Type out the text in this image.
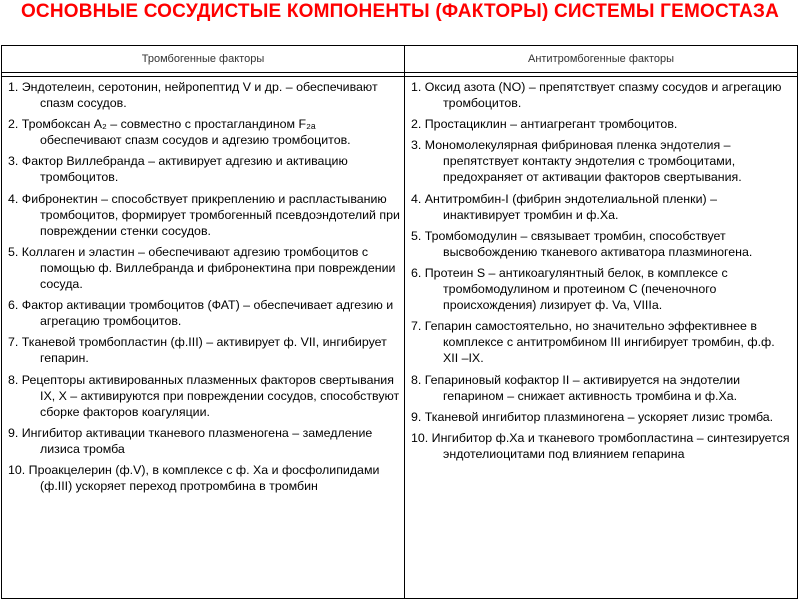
ОСНОВНЫЕ СОСУДИСТЫЕ КОМПОНЕНТЫ (ФАКТОРЫ) СИСТЕМЫ ГЕМОСТАЗА
Тромбогенные факторы	Антитромбогенные факторы
1. Эндотелеин, серотонин, нейропептид V и др. – обеспечивают спазм сосудов.
2. Тромбоксан A₂ – совместно с простагландином F₂ₐ обеспечивают спазм сосудов и адгезию тромбоцитов.
3. Фактор Виллебранда – активирует адгезию и активацию тромбоцитов.
4. Фибронектин – способствует прикреплению и распластыванию тромбоцитов, формирует тромбогенный псевдоэндотелий при повреждении стенки сосудов.
5. Коллаген и эластин – обеспечивают адгезию тромбоцитов с помощью ф. Виллебранда и фибронектина при повреждении сосуда.
6. Фактор активации тромбоцитов (ФАТ) – обеспечивает адгезию и агрегацию тромбоцитов.
7. Тканевой тромбопластин (ф.III) – активирует ф. VII, ингибирует гепарин.
8. Рецепторы активированных плазменных факторов свертывания IX, X – активируются при повреждении сосудов, способствуют сборке факторов коагуляции.
9. Ингибитор активации тканевого плазменогена – замедление лизиса тромба
10. Проакцелерин (ф.V), в комплексе с ф. Xa и фосфолипидами (ф.III) ускоряет переход протромбина в тромбин
1. Оксид азота (NO) – препятствует спазму сосудов и агрегацию тромбоцитов.
2. Простациклин – антиагрегант тромбоцитов.
3. Мономолекулярная фибриновая пленка эндотелия – препятствует контакту эндотелия с тромбоцитами, предохраняет от активации факторов свертывания.
4. Антитромбин-I (фибрин эндотелиальной пленки) – инактивирует тромбин и ф.Xa.
5. Тромбомодулин – связывает тромбин, способствует высвобождению тканевого активатора плазминогена.
6. Протеин S – антикоагулянтный белок, в комплексе с тромбомодулином и протеином C (печеночного происхождения) лизирует ф. Va, VIIIa.
7. Гепарин самостоятельно, но значительно эффективнее в комплексе с антитромбином III ингибирует тромбин, ф.ф. XII –IX.
8. Гепариновый кофактор II – активируется на эндотелии гепарином – снижает активность тромбина и ф.Xa.
9. Тканевой ингибитор плазминогена – ускоряет лизис тромба.
10. Ингибитор ф.Xa и тканевого тромбопластина – синтезируется эндотелиоцитами под влиянием гепарина
